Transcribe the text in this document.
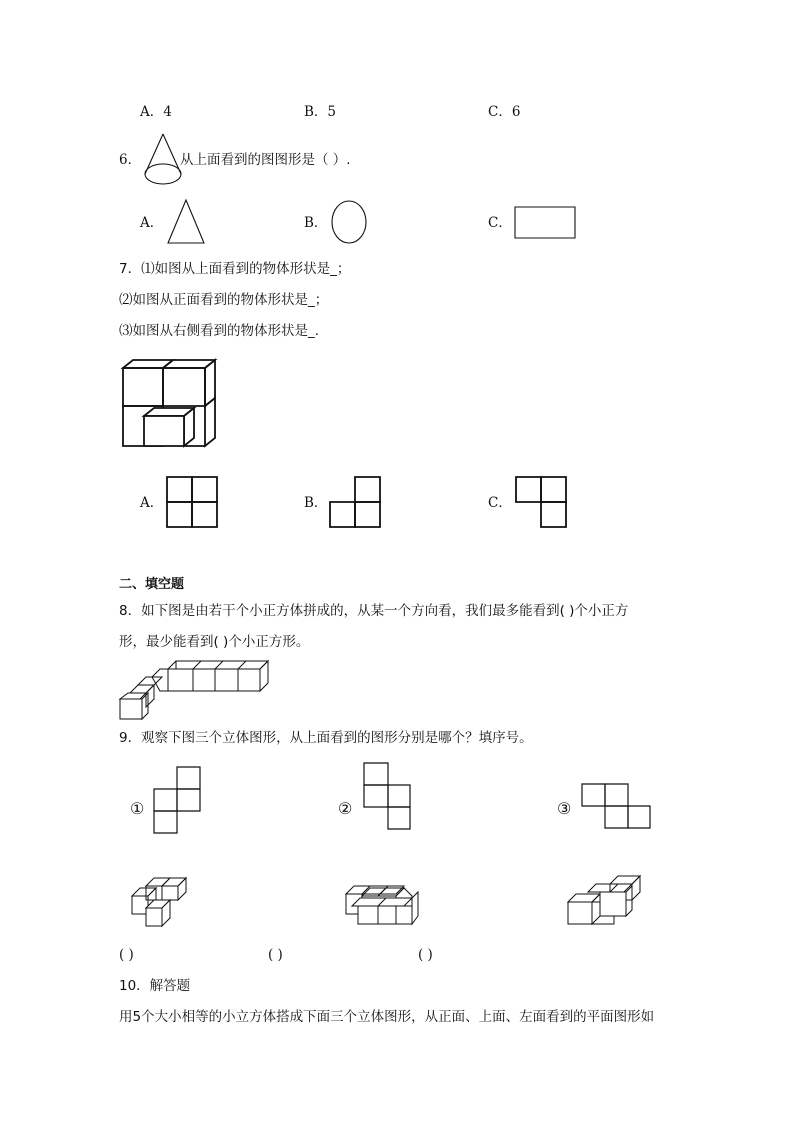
A．4	B．5	C．6
6．	从上面看到的图图形是（ ）.
A．	B．	C．
7．⑴如图从上面看到的物体形状是_；
⑵如图从正面看到的物体形状是_；
⑶如图从右侧看到的物体形状是_.
A．	B．	C．
二、填空题
8．如下图是由若干个小正方体拼成的，从某一个方向看，我们最多能看到( )个小正方
形，最少能看到( )个小正方形。
9．观察下图三个立体图形，从上面看到的图形分别是哪个？填序号。
①	②	③
( )	( )	( )
10．解答题
用5个大小相等的小立方体搭成下面三个立体图形，从正面、上面、左面看到的平面图形如
